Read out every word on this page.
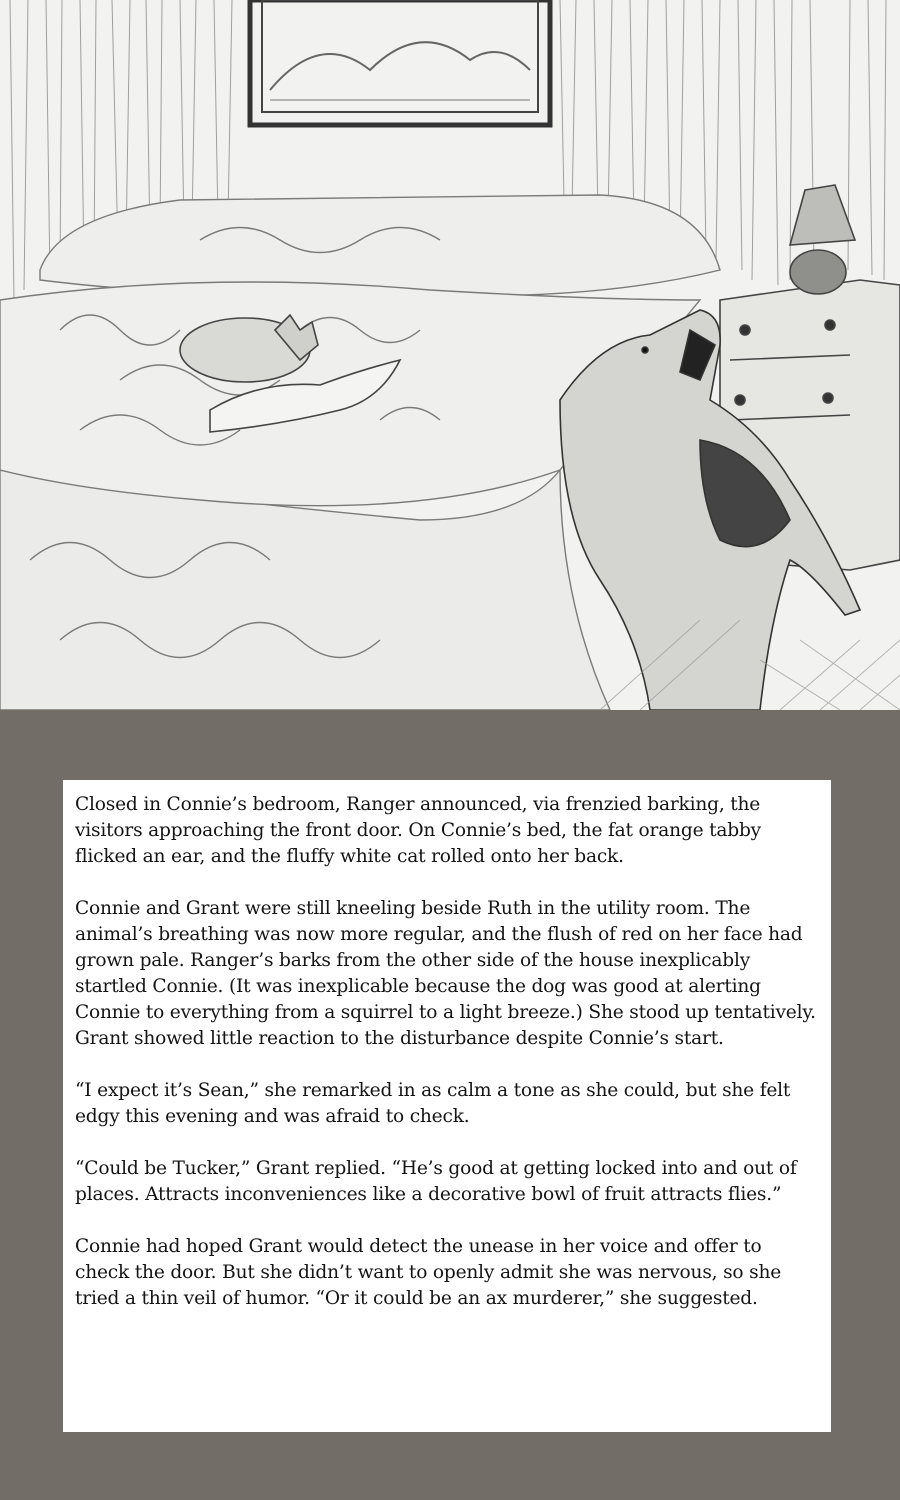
Closed in Connie’s bedroom, Ranger announced, via frenzied barking, the visitors approaching the front door. On Connie’s bed, the fat orange tabby flicked an ear, and the fluffy white cat rolled onto her back.

Connie and Grant were still kneeling beside Ruth in the utility room. The animal’s breathing was now more regular, and the flush of red on her face had grown pale. Ranger’s barks from the other side of the house inexplicably startled Connie. (It was inexplicable because the dog was good at alerting Connie to everything from a squirrel to a light breeze.) She stood up tentatively. Grant showed little reaction to the disturbance despite Connie’s start.

“I expect it’s Sean,” she remarked in as calm a tone as she could, but she felt edgy this evening and was afraid to check.

“Could be Tucker,” Grant replied. “He’s good at getting locked into and out of places. Attracts inconveniences like a decorative bowl of fruit attracts flies.”

Connie had hoped Grant would detect the unease in her voice and offer to check the door. But she didn’t want to openly admit she was nervous, so she tried a thin veil of humor. “Or it could be an ax murderer,” she suggested.
